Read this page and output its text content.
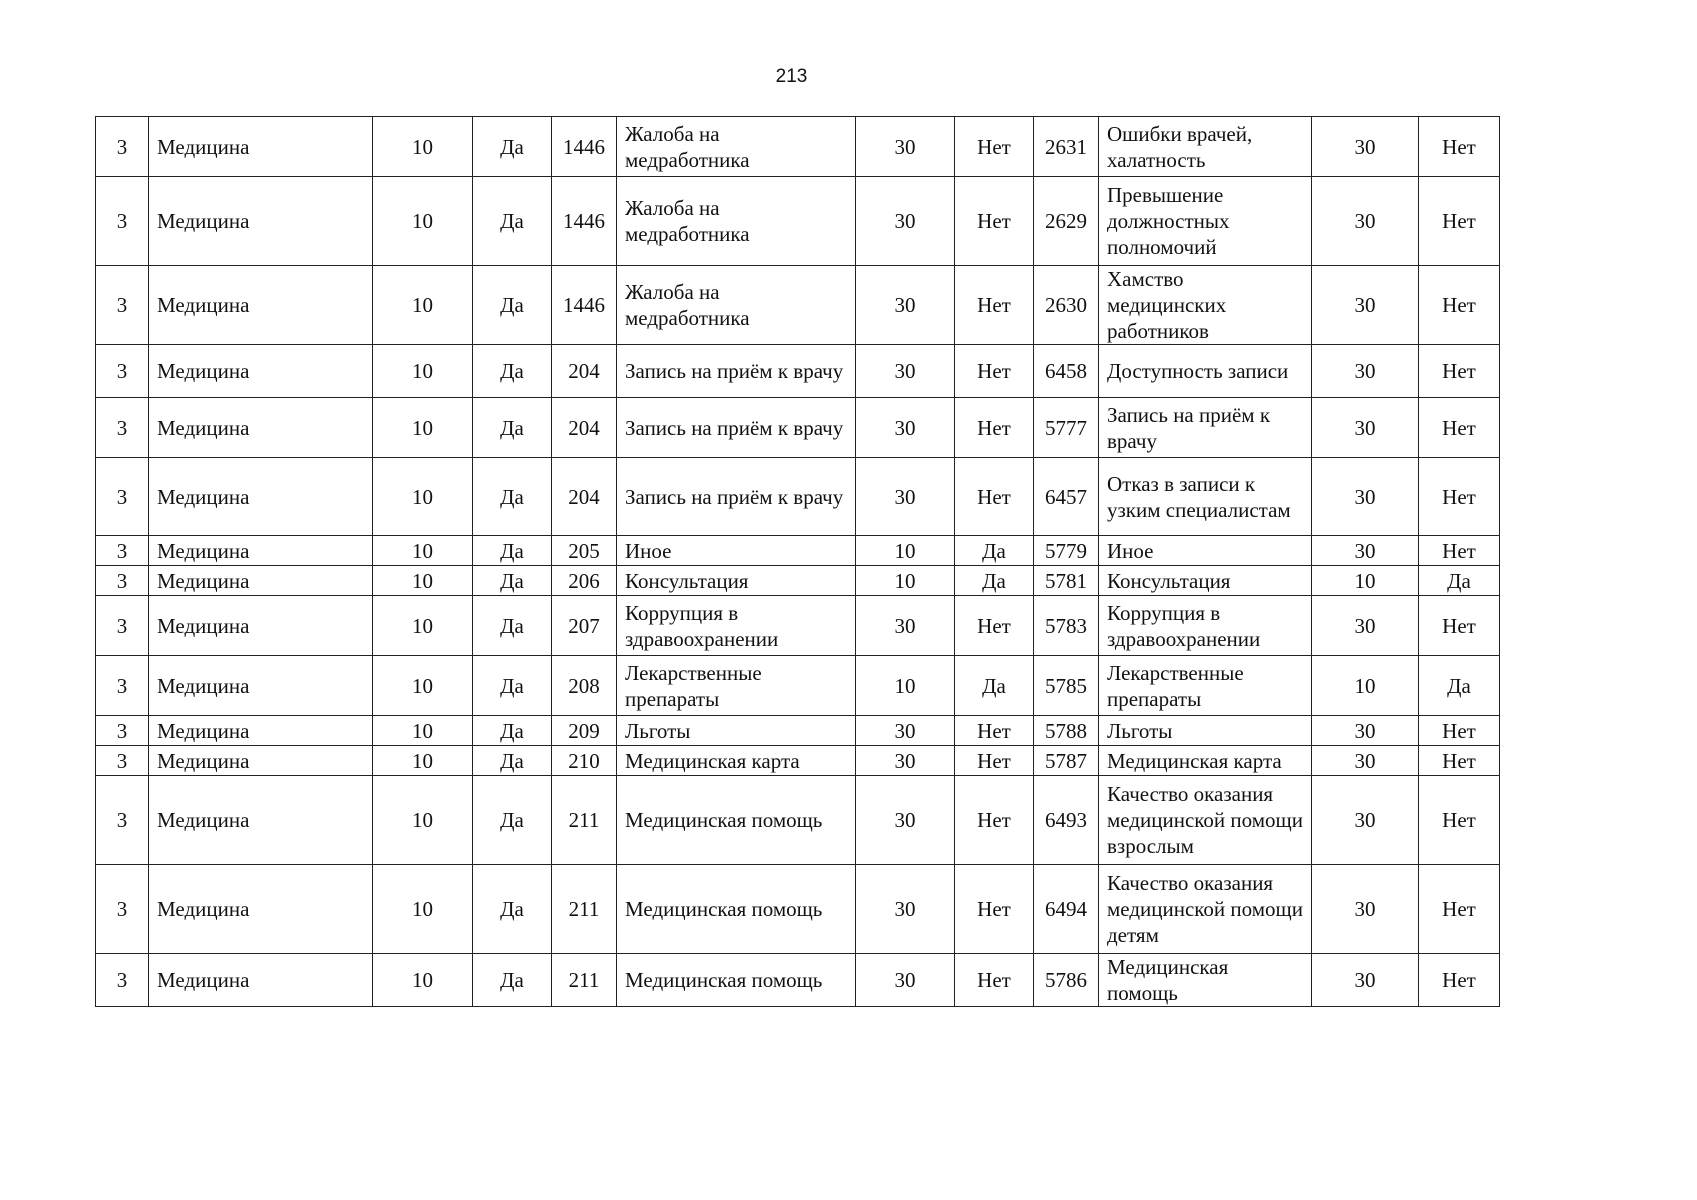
213
3	Медицина	10	Да	1446	Жалоба на медработника	30	Нет	2631	Ошибки врачей, халатность	30	Нет
3	Медицина	10	Да	1446	Жалоба на медработника	30	Нет	2629	Превышение должностных полномочий	30	Нет
3	Медицина	10	Да	1446	Жалоба на медработника	30	Нет	2630	Хамство медицинских работников	30	Нет
3	Медицина	10	Да	204	Запись на приём к врачу	30	Нет	6458	Доступность записи	30	Нет
3	Медицина	10	Да	204	Запись на приём к врачу	30	Нет	5777	Запись на приём к врачу	30	Нет
3	Медицина	10	Да	204	Запись на приём к врачу	30	Нет	6457	Отказ в записи к узким специалистам	30	Нет
3	Медицина	10	Да	205	Иное	10	Да	5779	Иное	30	Нет
3	Медицина	10	Да	206	Консультация	10	Да	5781	Консультация	10	Да
3	Медицина	10	Да	207	Коррупция в здравоохранении	30	Нет	5783	Коррупция в здравоохранении	30	Нет
3	Медицина	10	Да	208	Лекарственные препараты	10	Да	5785	Лекарственные препараты	10	Да
3	Медицина	10	Да	209	Льготы	30	Нет	5788	Льготы	30	Нет
3	Медицина	10	Да	210	Медицинская карта	30	Нет	5787	Медицинская карта	30	Нет
3	Медицина	10	Да	211	Медицинская помощь	30	Нет	6493	Качество оказания медицинской помощи взрослым	30	Нет
3	Медицина	10	Да	211	Медицинская помощь	30	Нет	6494	Качество оказания медицинской помощи детям	30	Нет
3	Медицина	10	Да	211	Медицинская помощь	30	Нет	5786	Медицинская помощь	30	Нет
